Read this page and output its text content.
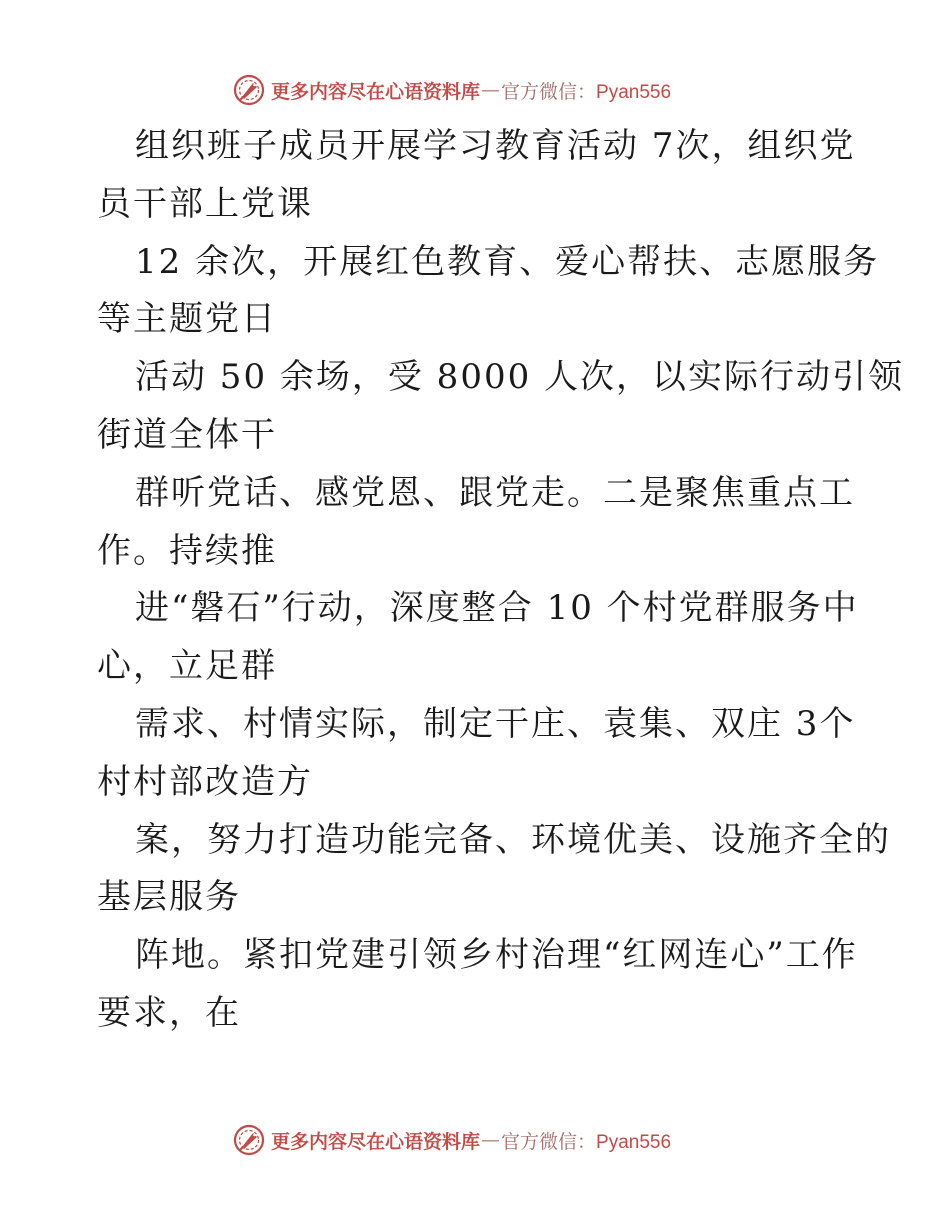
更多内容尽在心语资料库 — 官方微信：Pyan556
组织班子成员开展学习教育活动 7次，组织党
员干部上党课
12 余次，开展红色教育、爱心帮扶、志愿服务
等主题党日
活动 50 余场，受 8000 人次，以实际行动引领
街道全体干
群听党话、感党恩、跟党走。二是聚焦重点工
作。持续推
进“磐石”行动，深度整合 10 个村党群服务中
心，立足群
需求、村情实际，制定干庄、袁集、双庄 3个
村村部改造方
案，努力打造功能完备、环境优美、设施齐全的
基层服务
阵地。紧扣党建引领乡村治理“红网连心”工作
要求，在
更多内容尽在心语资料库 — 官方微信：Pyan556
